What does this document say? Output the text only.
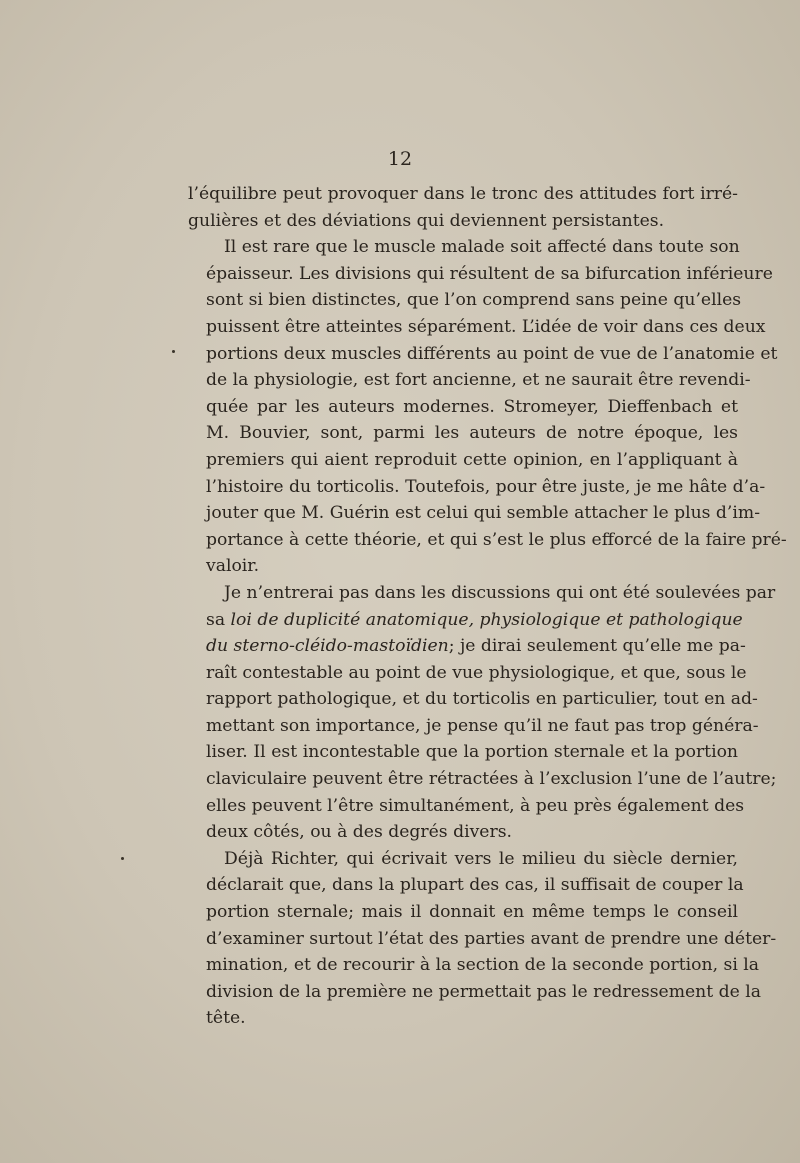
12
l’équilibre peut provoquer dans le tronc des attitudes fort irré-
gulières et des déviations qui deviennent persistantes.
Il est rare que le muscle malade soit affecté dans toute son
épaisseur. Les divisions qui résultent de sa bifurcation inférieure
sont si bien distinctes, que l’on comprend sans peine qu’elles
puissent être atteintes séparément. L’idée de voir dans ces deux
portions deux muscles différents au point de vue de l’anatomie et
de la physiologie, est fort ancienne, et ne saurait être revendi-
quée par les auteurs modernes. Stromeyer, Dieffenbach et
M. Bouvier, sont, parmi les auteurs de notre époque, les
premiers qui aient reproduit cette opinion, en l’appliquant à
l’histoire du torticolis. Toutefois, pour être juste, je me hâte d’a-
jouter que M. Guérin est celui qui semble attacher le plus d’im-
portance à cette théorie, et qui s’est le plus efforcé de la faire pré-
valoir.
Je n’entrerai pas dans les discussions qui ont été soulevées par
sa loi de duplicité anatomique, physiologique et pathologique
du sterno-cléido-mastoïdien; je dirai seulement qu’elle me pa-
raît contestable au point de vue physiologique, et que, sous le
rapport pathologique, et du torticolis en particulier, tout en ad-
mettant son importance, je pense qu’il ne faut pas trop généra-
liser. Il est incontestable que la portion sternale et la portion
claviculaire peuvent être rétractées à l’exclusion l’une de l’autre;
elles peuvent l’être simultanément, à peu près également des
deux côtés, ou à des degrés divers.
Déjà Richter, qui écrivait vers le milieu du siècle dernier,
déclarait que, dans la plupart des cas, il suffisait de couper la
portion sternale; mais il donnait en même temps le conseil
d’examiner surtout l’état des parties avant de prendre une déter-
mination, et de recourir à la section de la seconde portion, si la
division de la première ne permettait pas le redressement de la
tête.
